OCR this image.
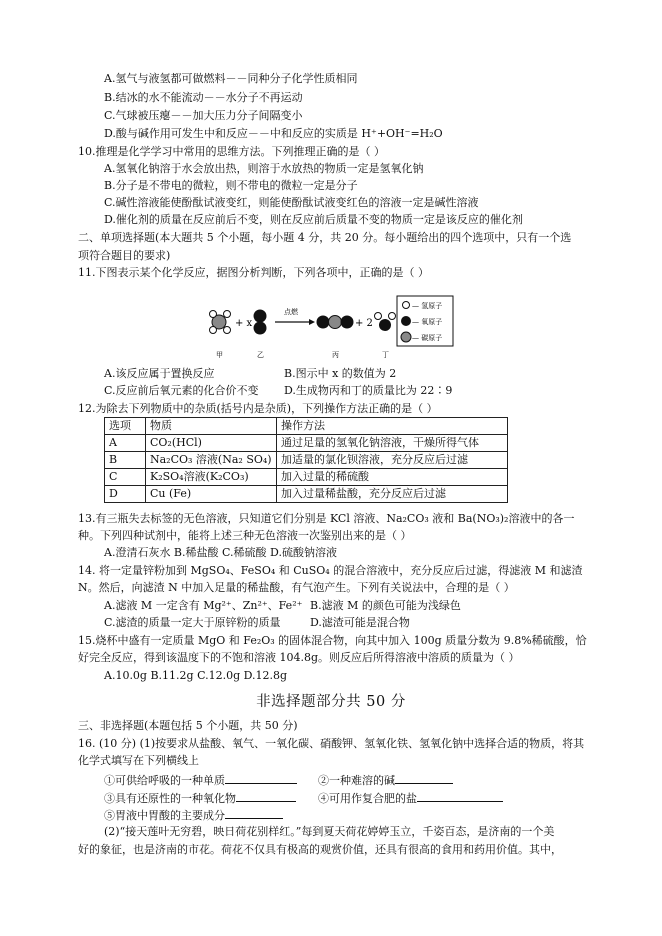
A.氢气与液氢都可做燃料－－同种分子化学性质相同
B.结冰的水不能流动－－水分子不再运动
C.气球被压瘪－－加大压力分子间隔变小
D.酸与碱作用可发生中和反应－－中和反应的实质是 H⁺+OH⁻=H₂O
10.推理是化学学习中常用的思维方法。下列推理正确的是（ ）
A.氢氧化钠溶于水会放出热，则溶于水放热的物质一定是氢氧化钠
B.分子是不带电的微粒，则不带电的微粒一定是分子
C.碱性溶液能使酚酞试液变红，则能使酚酞试液变红色的溶液一定是碱性溶液
D.催化剂的质量在反应前后不变，则在反应前后质量不变的物质一定是该反应的催化剂
二、单项选择题(本大题共 5 个小题，每小题 4 分，共 20 分。每小题给出的四个选项中，只有一个选
项符合题目的要求)
11.下图表示某个化学反应，据图分析判断，下列各项中，正确的是（ ）
+ x
点燃
+ 2
甲	乙	丙	丁
— 氢原子
— 氧原子
— 碳原子
A.该反应属于置换反应	B.图示中 x 的数值为 2
C.反应前后氧元素的化合价不变 D.生成物丙和丁的质量比为 22∶9
12.为除去下列物质中的杂质(括号内是杂质)，下列操作方法正确的是（ ）
选项	物质	操作方法
A	CO₂(HCl)	通过足量的氢氧化钠溶液，干燥所得气体
B	Na₂CO₃ 溶液(Na₂ SO₄)	加适量的氯化钡溶液，充分反应后过滤
C	K₂SO₄溶液(K₂CO₃)	加入过量的稀硫酸
D	Cu (Fe)	加入过量稀盐酸，充分反应后过滤
13.有三瓶失去标签的无色溶液，只知道它们分别是 KCl 溶液、Na₂CO₃ 液和 Ba(NO₃)₂溶液中的各一
种。下列四种试剂中，能将上述三种无色溶液一次鉴别出来的是（ ）
A.澄清石灰水 B.稀盐酸 C.稀硫酸 D.硫酸钠溶液
14. 将一定量锌粉加到 MgSO₄、FeSO₄ 和 CuSO₄ 的混合溶液中，充分反应后过滤，得滤液 M 和滤渣
N。然后，向滤渣 N 中加入足量的稀盐酸，有气泡产生。下列有关说法中，合理的是（ ）
A.滤液 M 一定含有 Mg²⁺、Zn²⁺、Fe²⁺ B.滤液 M 的颜色可能为浅绿色
C.滤渣的质量一定大于原锌粉的质量	D.滤渣可能是混合物
15.烧杯中盛有一定质量 MgO 和 Fe₂O₃ 的固体混合物，向其中加入 100g 质量分数为 9.8%稀硫酸，恰
好完全反应，得到该温度下的不饱和溶液 104.8g。则反应后所得溶液中溶质的质量为（ ）
A.10.0g B.11.2g C.12.0g D.12.8g
非选择题部分共 50 分
三、非选择题(本题包括 5 个小题，共 50 分)
16. (10 分) (1)按要求从盐酸、氧气、一氧化碳、硝酸钾、氢氧化铁、氢氧化钠中选择合适的物质，将其
化学式填写在下列横线上
①可供给呼吸的一种单质	②一种难溶的碱
③具有还原性的一种氧化物	④可用作复合肥的盐
⑤胃液中胃酸的主要成分
(2)“接天莲叶无穷碧，映日荷花别样红。”每到夏天荷花婷婷玉立，千姿百态，是济南的一个美
好的象征，也是济南的市花。荷花不仅具有极高的观赏价值，还具有很高的食用和药用价值。其中，
